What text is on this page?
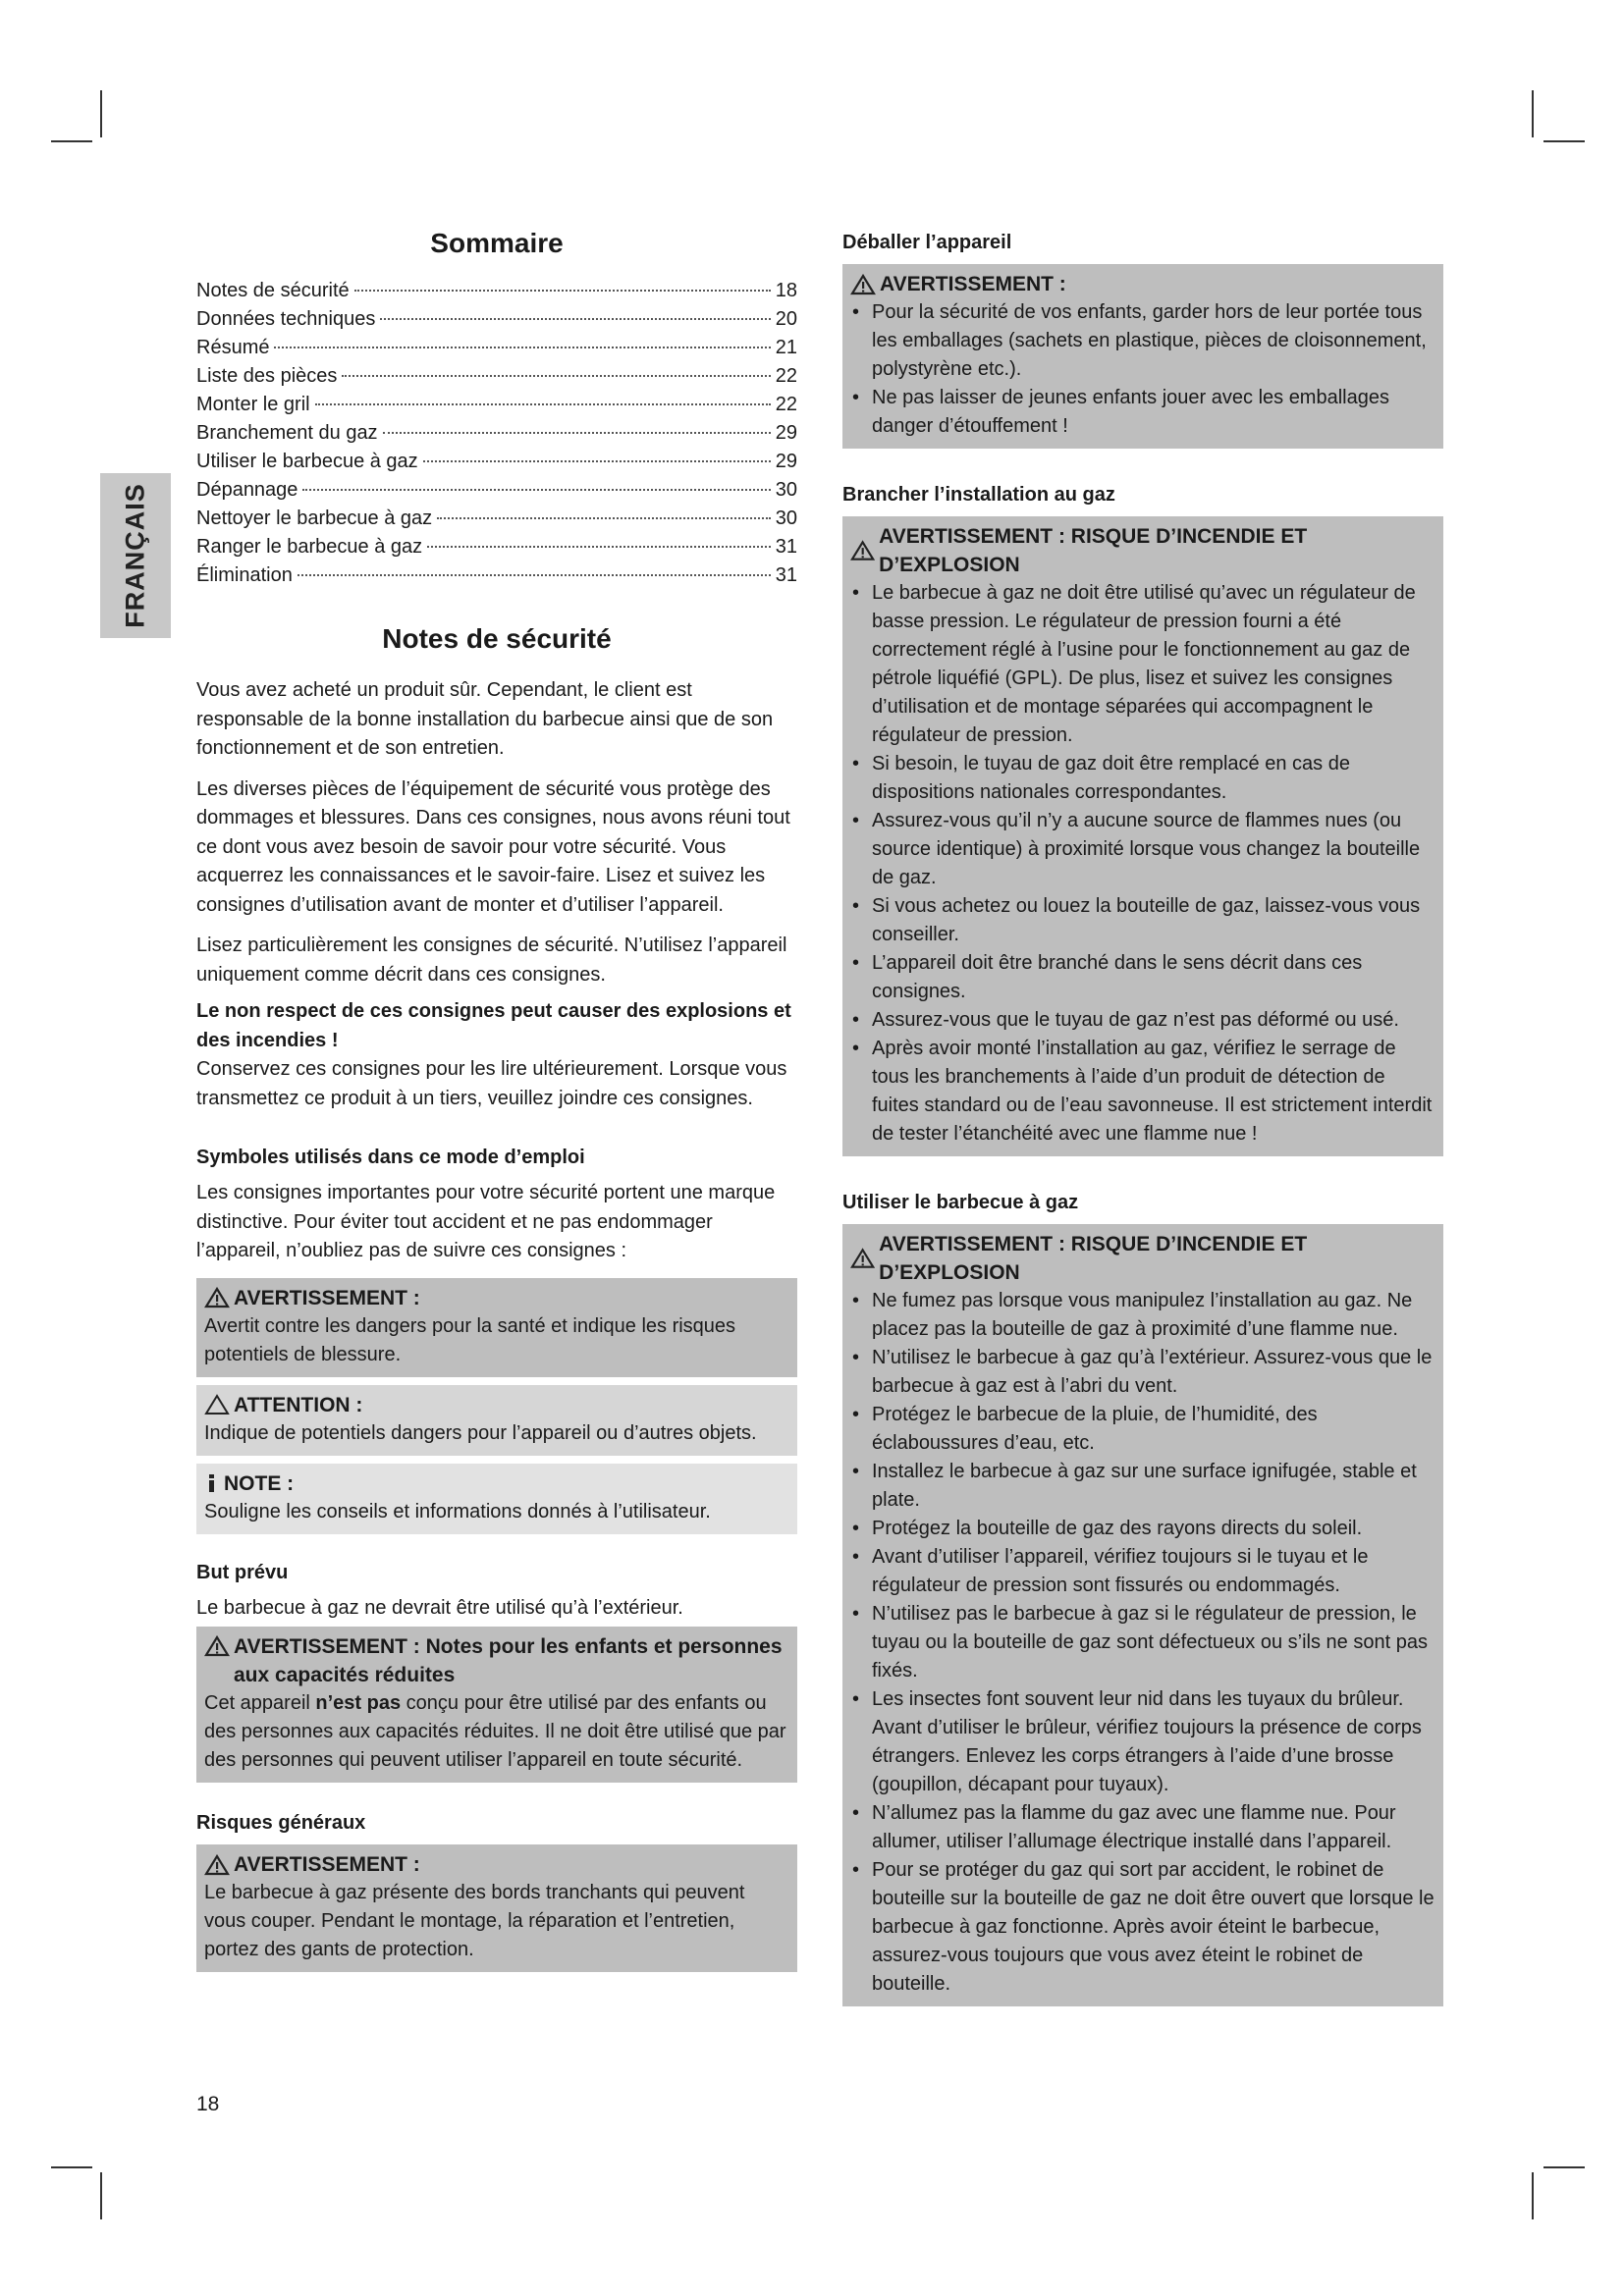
FRANÇAIS
Sommaire
Notes de sécurité	18
Données techniques	20
Résumé	21
Liste des pièces	22
Monter le gril	22
Branchement du gaz	29
Utiliser le barbecue à gaz	29
Dépannage	30
Nettoyer le barbecue à gaz	30
Ranger le barbecue à gaz	31
Élimination	31
Notes de sécurité

Vous avez acheté un produit sûr. Cependant, le client est responsable de la bonne installation du barbecue ainsi que de son fonctionnement et de son entretien.

Les diverses pièces de l’équipement de sécurité vous protège des dommages et blessures. Dans ces consignes, nous avons réuni tout ce dont vous avez besoin de savoir pour votre sécurité. Vous acquerrez les connaissances et le savoir-faire. Lisez et suivez les consignes d’utilisation avant de monter et d’utiliser l’appareil.

Lisez particulièrement les consignes de sécurité. N’utilisez l’appareil uniquement comme décrit dans ces consignes.

Le non respect de ces consignes peut causer des explosions et des incendies !

Conservez ces consignes pour les lire ultérieurement. Lorsque vous transmettez ce produit à un tiers, veuillez joindre ces consignes.

Symboles utilisés dans ce mode d’emploi

Les consignes importantes pour votre sécurité portent une marque distinctive. Pour éviter tout accident et ne pas endommager l’appareil, n’oubliez pas de suivre ces consignes :

AVERTISSEMENT :

Avertit contre les dangers pour la santé et indique les risques potentiels de blessure.

ATTENTION :

Indique de potentiels dangers pour l’appareil ou d’autres objets.

NOTE :

Souligne les conseils et informations donnés à l’utilisateur.

But prévu

Le barbecue à gaz ne devrait être utilisé qu’à l’extérieur.

AVERTISSEMENT : Notes pour les enfants et personnes aux capacités réduites

Cet appareil n’est pas conçu pour être utilisé par des enfants ou des personnes aux capacités réduites. Il ne doit être utilisé que par des personnes qui peuvent utiliser l’appareil en toute sécurité.

Risques généraux
AVERTISSEMENT :

Le barbecue à gaz présente des bords tranchants qui peuvent vous couper. Pendant le montage, la réparation et l’entretien, portez des gants de protection.

Déballer l’appareil
AVERTISSEMENT :
• Pour la sécurité de vos enfants, garder hors de leur portée tous les emballages (sachets en plastique, pièces de cloisonnement, polystyrène etc.).
• Ne pas laisser de jeunes enfants jouer avec les emballages danger d’étouffement !
Brancher l’installation au gaz
AVERTISSEMENT : RISQUE D’INCENDIE ET D’EXPLOSION
• Le barbecue à gaz ne doit être utilisé qu’avec un régulateur de basse pression. Le régulateur de pression fourni a été correctement réglé à l’usine pour le fonctionnement au gaz de pétrole liquéfié (GPL). De plus, lisez et suivez les consignes d’utilisation et de montage séparées qui accompagnent le régulateur de pression.
• Si besoin, le tuyau de gaz doit être remplacé en cas de dispositions nationales correspondantes.
• Assurez-vous qu’il n’y a aucune source de flammes nues (ou source identique) à proximité lorsque vous changez la bouteille de gaz.
• Si vous achetez ou louez la bouteille de gaz, laissez-vous vous conseiller.
• L’appareil doit être branché dans le sens décrit dans ces consignes.
• Assurez-vous que le tuyau de gaz n’est pas déformé ou usé.
• Après avoir monté l’installation au gaz, vérifiez le serrage de tous les branchements à l’aide d’un produit de détection de fuites standard ou de l’eau savonneuse. Il est strictement interdit de tester l’étanchéité avec une flamme nue !
Utiliser le barbecue à gaz
AVERTISSEMENT : RISQUE D’INCENDIE ET D’EXPLOSION
• Ne fumez pas lorsque vous manipulez l’installation au gaz. Ne placez pas la bouteille de gaz à proximité d’une flamme nue.
• N’utilisez le barbecue à gaz qu’à l’extérieur. Assurez-vous que le barbecue à gaz est à l’abri du vent.
• Protégez le barbecue de la pluie, de l’humidité, des éclaboussures d’eau, etc.
• Installez le barbecue à gaz sur une surface ignifugée, stable et plate.
• Protégez la bouteille de gaz des rayons directs du soleil.
• Avant d’utiliser l’appareil, vérifiez toujours si le tuyau et le régulateur de pression sont fissurés ou endommagés.
• N’utilisez pas le barbecue à gaz si le régulateur de pression, le tuyau ou la bouteille de gaz sont défectueux ou s’ils ne sont pas fixés.
• Les insectes font souvent leur nid dans les tuyaux du brûleur. Avant d’utiliser le brûleur, vérifiez toujours la présence de corps étrangers. Enlevez les corps étrangers à l’aide d’une brosse (goupillon, décapant pour tuyaux).
• N’allumez pas la flamme du gaz avec une flamme nue. Pour allumer, utiliser l’allumage électrique installé dans l’appareil.
• Pour se protéger du gaz qui sort par accident, le robinet de bouteille sur la bouteille de gaz ne doit être ouvert que lorsque le barbecue à gaz fonctionne. Après avoir éteint le barbecue, assurez-vous toujours que vous avez éteint le robinet de bouteille.
18
